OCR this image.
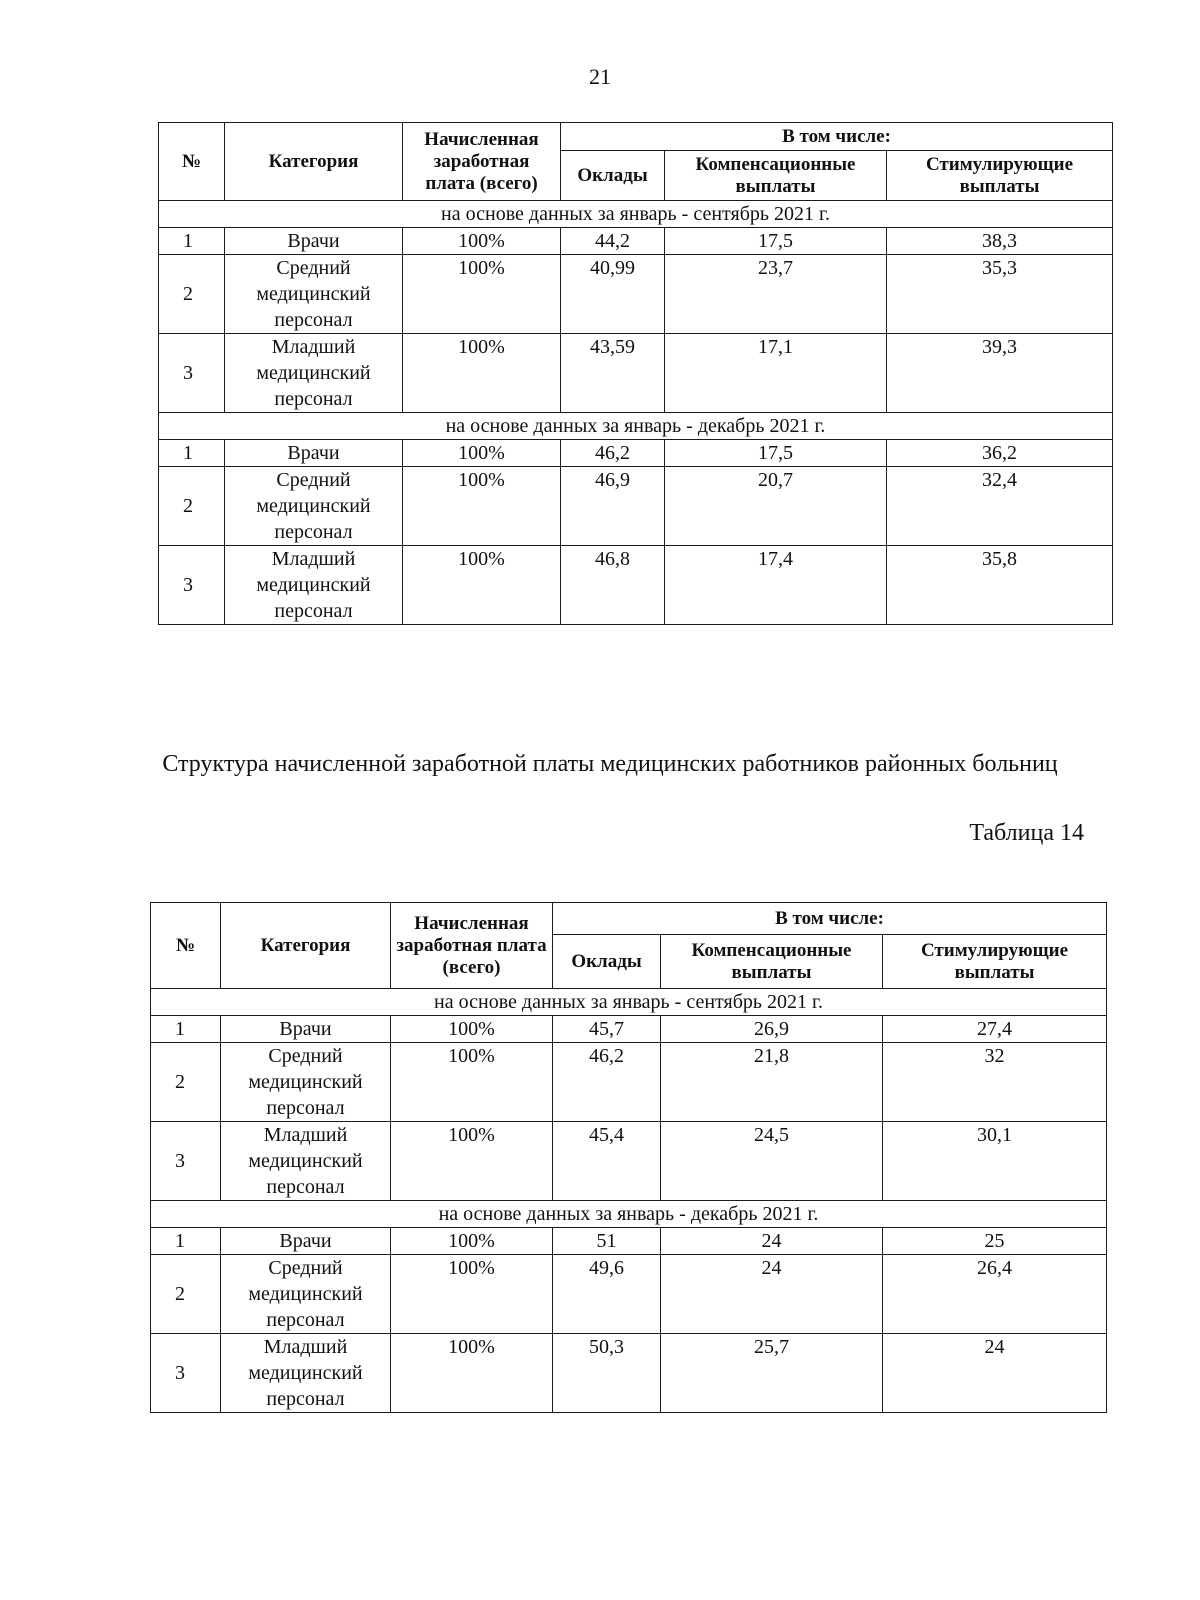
21
№	Категория	Начисленная заработная плата (всего)	В том числе:		
			Оклады	Компенсационные выплаты	Стимулирующие выплаты
на основе данных за январь - сентябрь 2021 г.					
1	Врачи	100%	44,2	17,5	38,3
2	Средний медицинский персонал	100%	40,99	23,7	35,3
3	Младший медицинский персонал	100%	43,59	17,1	39,3
на основе данных за январь - декабрь 2021 г.					
1	Врачи	100%	46,2	17,5	36,2
2	Средний медицинский персонал	100%	46,9	20,7	32,4
3	Младший медицинский персонал	100%	46,8	17,4	35,8
Структура начисленной заработной платы медицинских работников районных больниц
Таблица 14
№	Категория	Начисленная заработная плата (всего)	В том числе:		
			Оклады	Компенсационные выплаты	Стимулирующие выплаты
на основе данных за январь - сентябрь 2021 г.					
1	Врачи	100%	45,7	26,9	27,4
2	Средний медицинский персонал	100%	46,2	21,8	32
3	Младший медицинский персонал	100%	45,4	24,5	30,1
на основе данных за январь - декабрь 2021 г.					
1	Врачи	100%	51	24	25
2	Средний медицинский персонал	100%	49,6	24	26,4
3	Младший медицинский персонал	100%	50,3	25,7	24
